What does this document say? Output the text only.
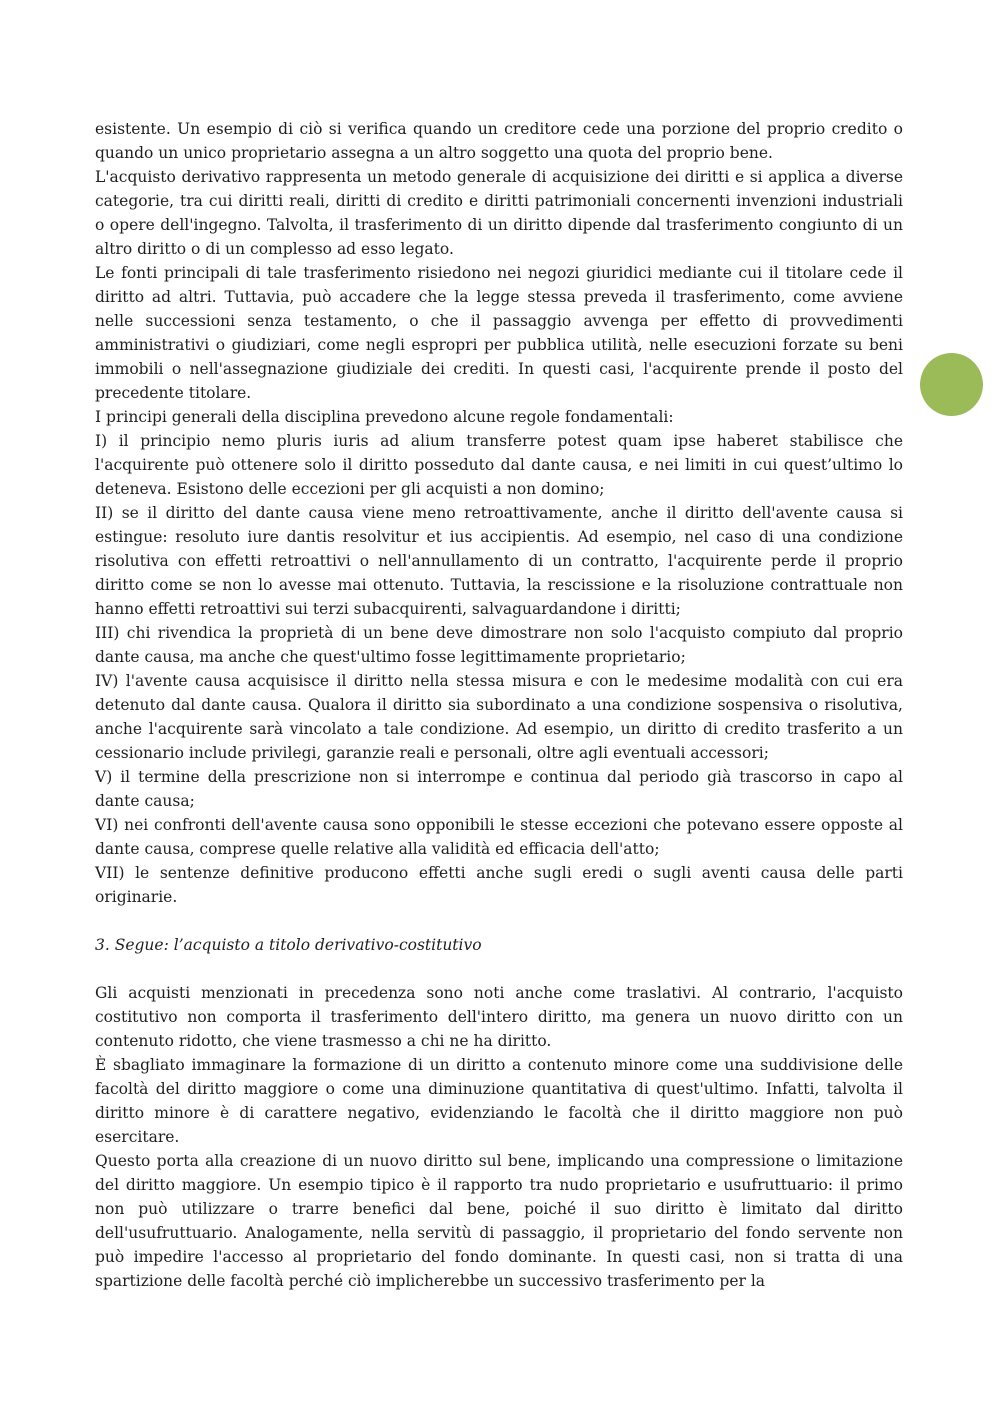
esistente. Un esempio di ciò si verifica quando un creditore cede una porzione del proprio credito o quando un unico proprietario assegna a un altro soggetto una quota del proprio bene.

L'acquisto derivativo rappresenta un metodo generale di acquisizione dei diritti e si applica a diverse categorie, tra cui diritti reali, diritti di credito e diritti patrimoniali concernenti invenzioni industriali o opere dell'ingegno. Talvolta, il trasferimento di un diritto dipende dal trasferimento congiunto di un altro diritto o di un complesso ad esso legato.

Le fonti principali di tale trasferimento risiedono nei negozi giuridici mediante cui il titolare cede il diritto ad altri. Tuttavia, può accadere che la legge stessa preveda il trasferimento, come avviene nelle successioni senza testamento, o che il passaggio avvenga per effetto di provvedimenti amministrativi o giudiziari, come negli espropri per pubblica utilità, nelle esecuzioni forzate su beni immobili o nell'assegnazione giudiziale dei crediti. In questi casi, l'acquirente prende il posto del precedente titolare.

I principi generali della disciplina prevedono alcune regole fondamentali:

I) il principio nemo pluris iuris ad alium transferre potest quam ipse haberet stabilisce che l'acquirente può ottenere solo il diritto posseduto dal dante causa, e nei limiti in cui quest’ultimo lo deteneva. Esistono delle eccezioni per gli acquisti a non domino;

II) se il diritto del dante causa viene meno retroattivamente, anche il diritto dell'avente causa si estingue: resoluto iure dantis resolvitur et ius accipientis. Ad esempio, nel caso di una condizione risolutiva con effetti retroattivi o nell'annullamento di un contratto, l'acquirente perde il proprio diritto come se non lo avesse mai ottenuto. Tuttavia, la rescissione e la risoluzione contrattuale non hanno effetti retroattivi sui terzi subacquirenti, salvaguardandone i diritti;

III) chi rivendica la proprietà di un bene deve dimostrare non solo l'acquisto compiuto dal proprio dante causa, ma anche che quest'ultimo fosse legittimamente proprietario;

IV) l'avente causa acquisisce il diritto nella stessa misura e con le medesime modalità con cui era detenuto dal dante causa. Qualora il diritto sia subordinato a una condizione sospensiva o risolutiva, anche l'acquirente sarà vincolato a tale condizione. Ad esempio, un diritto di credito trasferito a un cessionario include privilegi, garanzie reali e personali, oltre agli eventuali accessori;

V) il termine della prescrizione non si interrompe e continua dal periodo già trascorso in capo al dante causa;

VI) nei confronti dell'avente causa sono opponibili le stesse eccezioni che potevano essere opposte al dante causa, comprese quelle relative alla validità ed efficacia dell'atto;

VII) le sentenze definitive producono effetti anche sugli eredi o sugli aventi causa delle parti originarie.

3. Segue: l’acquisto a titolo derivativo-costitutivo

Gli acquisti menzionati in precedenza sono noti anche come traslativi. Al contrario, l'acquisto costitutivo non comporta il trasferimento dell'intero diritto, ma genera un nuovo diritto con un contenuto ridotto, che viene trasmesso a chi ne ha diritto.

È sbagliato immaginare la formazione di un diritto a contenuto minore come una suddivisione delle facoltà del diritto maggiore o come una diminuzione quantitativa di quest'ultimo. Infatti, talvolta il diritto minore è di carattere negativo, evidenziando le facoltà che il diritto maggiore non può esercitare.

Questo porta alla creazione di un nuovo diritto sul bene, implicando una compressione o limitazione del diritto maggiore. Un esempio tipico è il rapporto tra nudo proprietario e usufruttuario: il primo non può utilizzare o trarre benefici dal bene, poiché il suo diritto è limitato dal diritto dell'usufruttuario. Analogamente, nella servitù di passaggio, il proprietario del fondo servente non può impedire l'accesso al proprietario del fondo dominante. In questi casi, non si tratta di una spartizione delle facoltà perché ciò implicherebbe un successivo trasferimento per la
